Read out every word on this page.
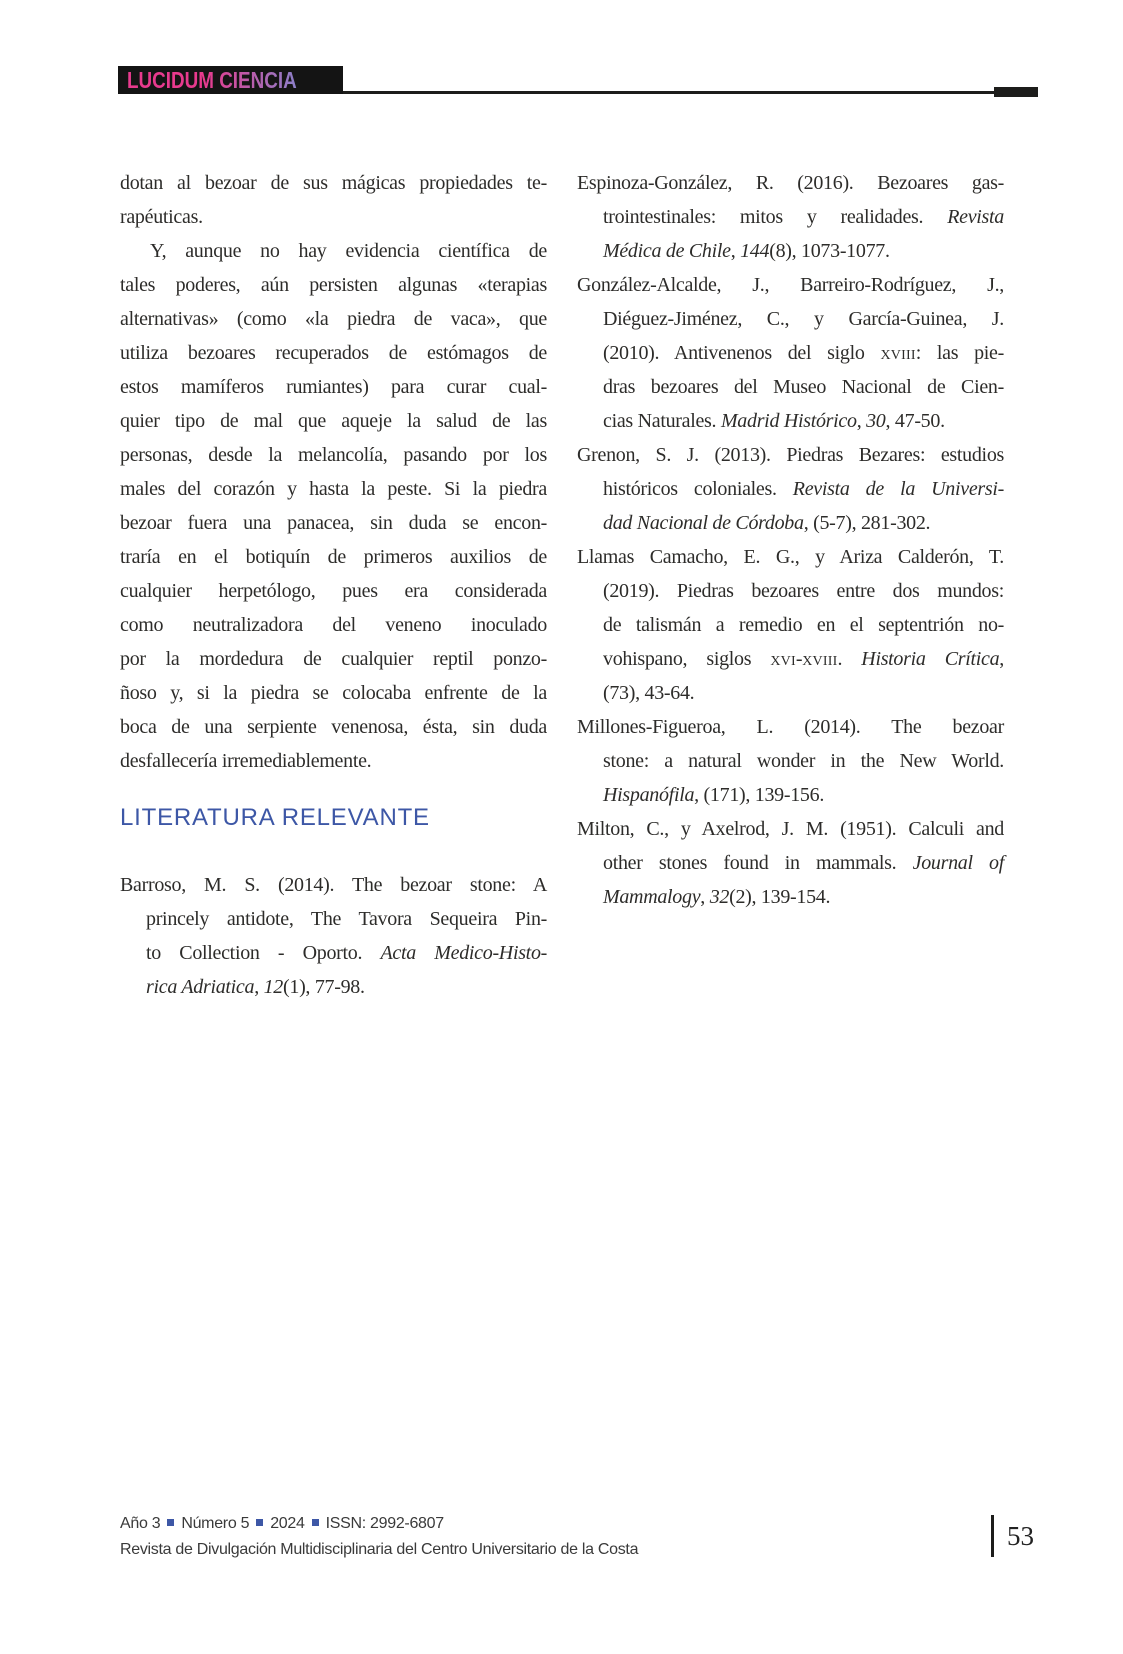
LUCIDUM CIENCIA
dotan al bezoar de sus mágicas propiedades te-
rapéuticas.
Y, aunque no hay evidencia científica de
tales poderes, aún persisten algunas «terapias
alternativas» (como «la piedra de vaca», que
utiliza bezoares recuperados de estómagos de
estos mamíferos rumiantes) para curar cual-
quier tipo de mal que aqueje la salud de las
personas, desde la melancolía, pasando por los
males del corazón y hasta la peste. Si la piedra
bezoar fuera una panacea, sin duda se encon-
traría en el botiquín de primeros auxilios de
cualquier herpetólogo, pues era considerada
como neutralizadora del veneno inoculado
por la mordedura de cualquier reptil ponzo-
ñoso y, si la piedra se colocaba enfrente de la
boca de una serpiente venenosa, ésta, sin duda
desfallecería irremediablemente.
LITERATURA RELEVANTE
Barroso, M. S. (2014). The bezoar stone: A
princely antidote, The Tavora Sequeira Pin-
to Collection - Oporto. Acta Medico-Histo-
rica Adriatica, 12(1), 77-98.
Espinoza-González, R. (2016). Bezoares gas-
trointestinales: mitos y realidades. Revista
Médica de Chile, 144(8), 1073-1077.
González-Alcalde, J., Barreiro-Rodríguez, J.,
Diéguez-Jiménez, C., y García-Guinea, J.
(2010). Antivenenos del siglo xviii: las pie-
dras bezoares del Museo Nacional de Cien-
cias Naturales. Madrid Histórico, 30, 47-50.
Grenon, S. J. (2013). Piedras Bezares: estudios
históricos coloniales. Revista de la Universi-
dad Nacional de Córdoba, (5-7), 281-302.
Llamas Camacho, E. G., y Ariza Calderón, T.
(2019). Piedras bezoares entre dos mundos:
de talismán a remedio en el septentrión no-
vohispano, siglos xvi-xviii. Historia Crítica,
(73), 43-64.
Millones-Figueroa, L. (2014). The bezoar
stone: a natural wonder in the New World.
Hispanófila, (171), 139-156.
Milton, C., y Axelrod, J. M. (1951). Calculi and
other stones found in mammals. Journal of
Mammalogy, 32(2), 139-154.
Año 3 Número 5 2024 ISSN: 2992-6807
Revista de Divulgación Multidisciplinaria del Centro Universitario de la Costa	53
